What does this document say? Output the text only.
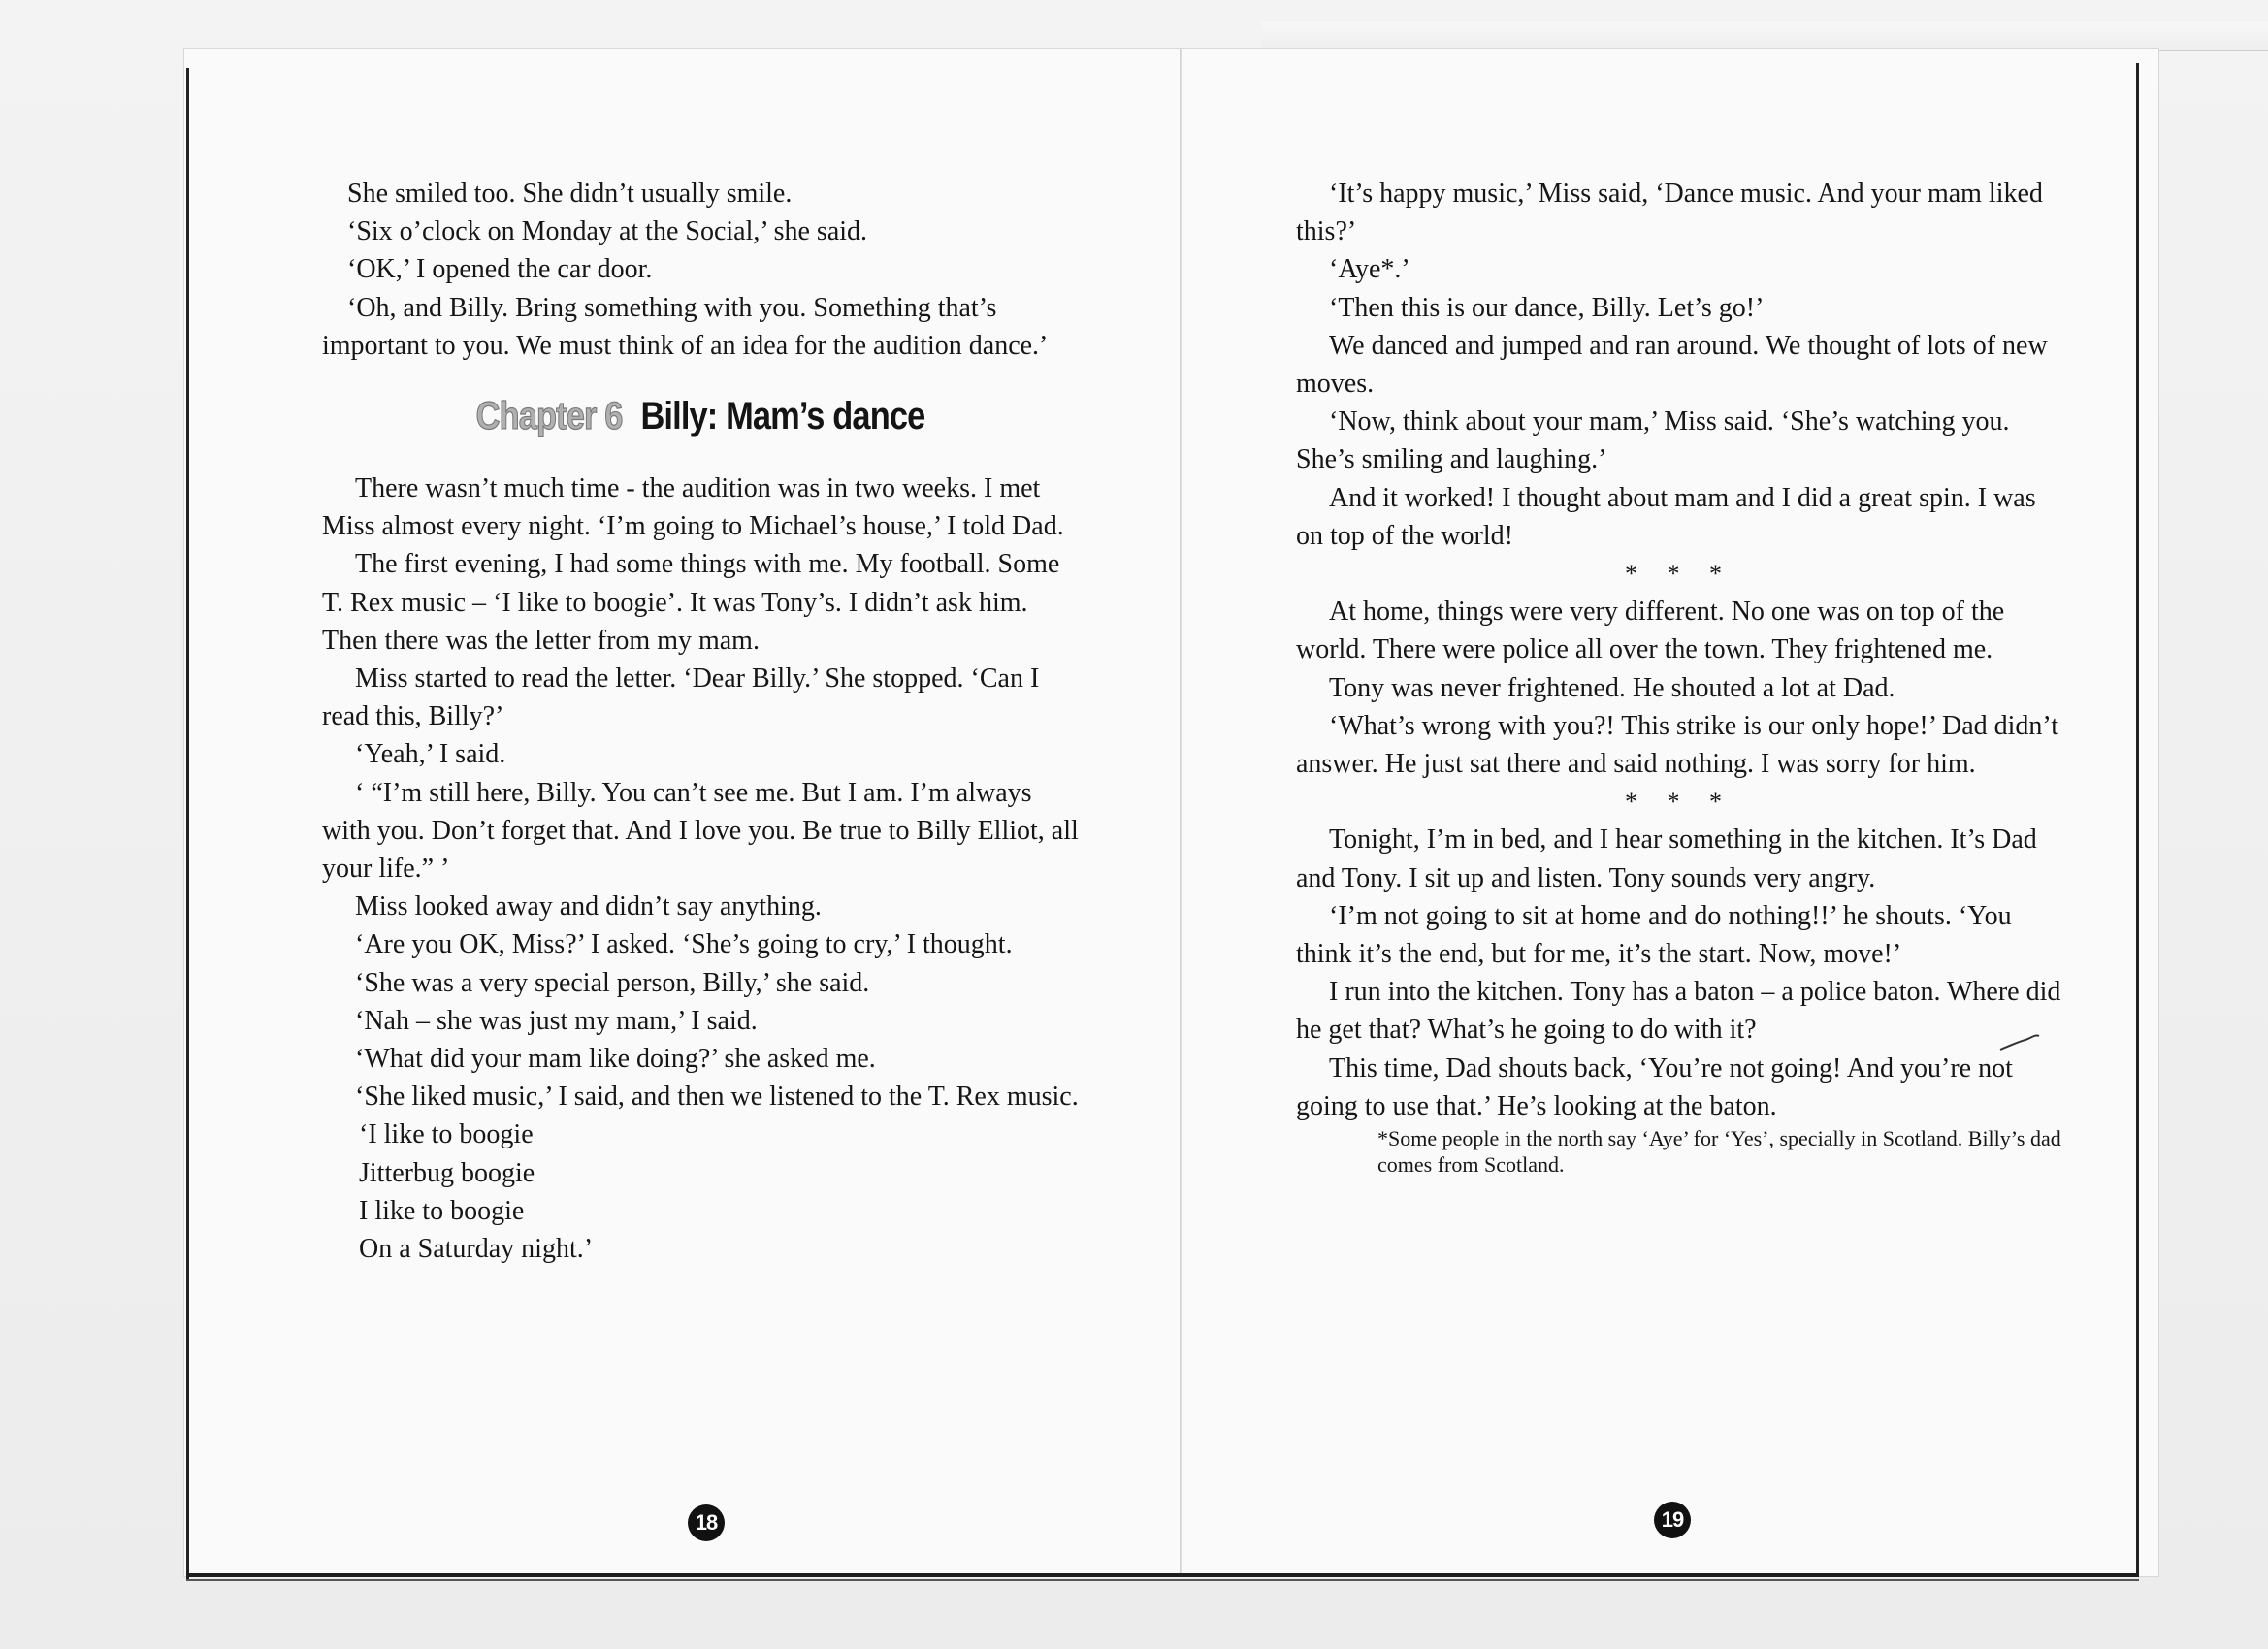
She smiled too. She didn’t usually smile.

‘Six o’clock on Monday at the Social,’ she said.

‘OK,’ I opened the car door.

‘Oh, and Billy. Bring something with you. Something that’s important to you. We must think of an idea for the audition dance.’

Chapter 6 Billy: Mam’s dance

There wasn’t much time - the audition was in two weeks. I met Miss almost every night. ‘I’m going to Michael’s house,’ I told Dad.

The first evening, I had some things with me. My football. Some T. Rex music – ‘I like to boogie’. It was Tony’s. I didn’t ask him. Then there was the letter from my mam.

Miss started to read the letter. ‘Dear Billy.’ She stopped. ‘Can I read this, Billy?’

‘Yeah,’ I said.

‘ “I’m still here, Billy. You can’t see me. But I am. I’m always with you. Don’t forget that. And I love you. Be true to Billy Elliot, all your life.” ’

Miss looked away and didn’t say anything.

‘Are you OK, Miss?’ I asked. ‘She’s going to cry,’ I thought.

‘She was a very special person, Billy,’ she said.

‘Nah – she was just my mam,’ I said.

‘What did your mam like doing?’ she asked me.

‘She liked music,’ I said, and then we listened to the T. Rex music.

‘I like to boogie

Jitterbug boogie

I like to boogie

On a Saturday night.’

18

‘It’s happy music,’ Miss said, ‘Dance music. And your mam liked this?’

‘Aye*.’

‘Then this is our dance, Billy. Let’s go!’

We danced and jumped and ran around. We thought of lots of new moves.

‘Now, think about your mam,’ Miss said. ‘She’s watching you. She’s smiling and laughing.’

And it worked! I thought about mam and I did a great spin. I was on top of the world!

* * *

At home, things were very different. No one was on top of the world. There were police all over the town. They frightened me.

Tony was never frightened. He shouted a lot at Dad.

‘What’s wrong with you?! This strike is our only hope!’ Dad didn’t answer. He just sat there and said nothing. I was sorry for him.

* * *

Tonight, I’m in bed, and I hear something in the kitchen. It’s Dad and Tony. I sit up and listen. Tony sounds very angry.

‘I’m not going to sit at home and do nothing!!’ he shouts. ‘You think it’s the end, but for me, it’s the start. Now, move!’

I run into the kitchen. Tony has a baton – a police baton. Where did he get that? What’s he going to do with it?

This time, Dad shouts back, ‘You’re not going! And you’re not going to use that.’ He’s looking at the baton.

*Some people in the north say ‘Aye’ for ‘Yes’, specially in Scotland. Billy’s dad comes from Scotland.

19
